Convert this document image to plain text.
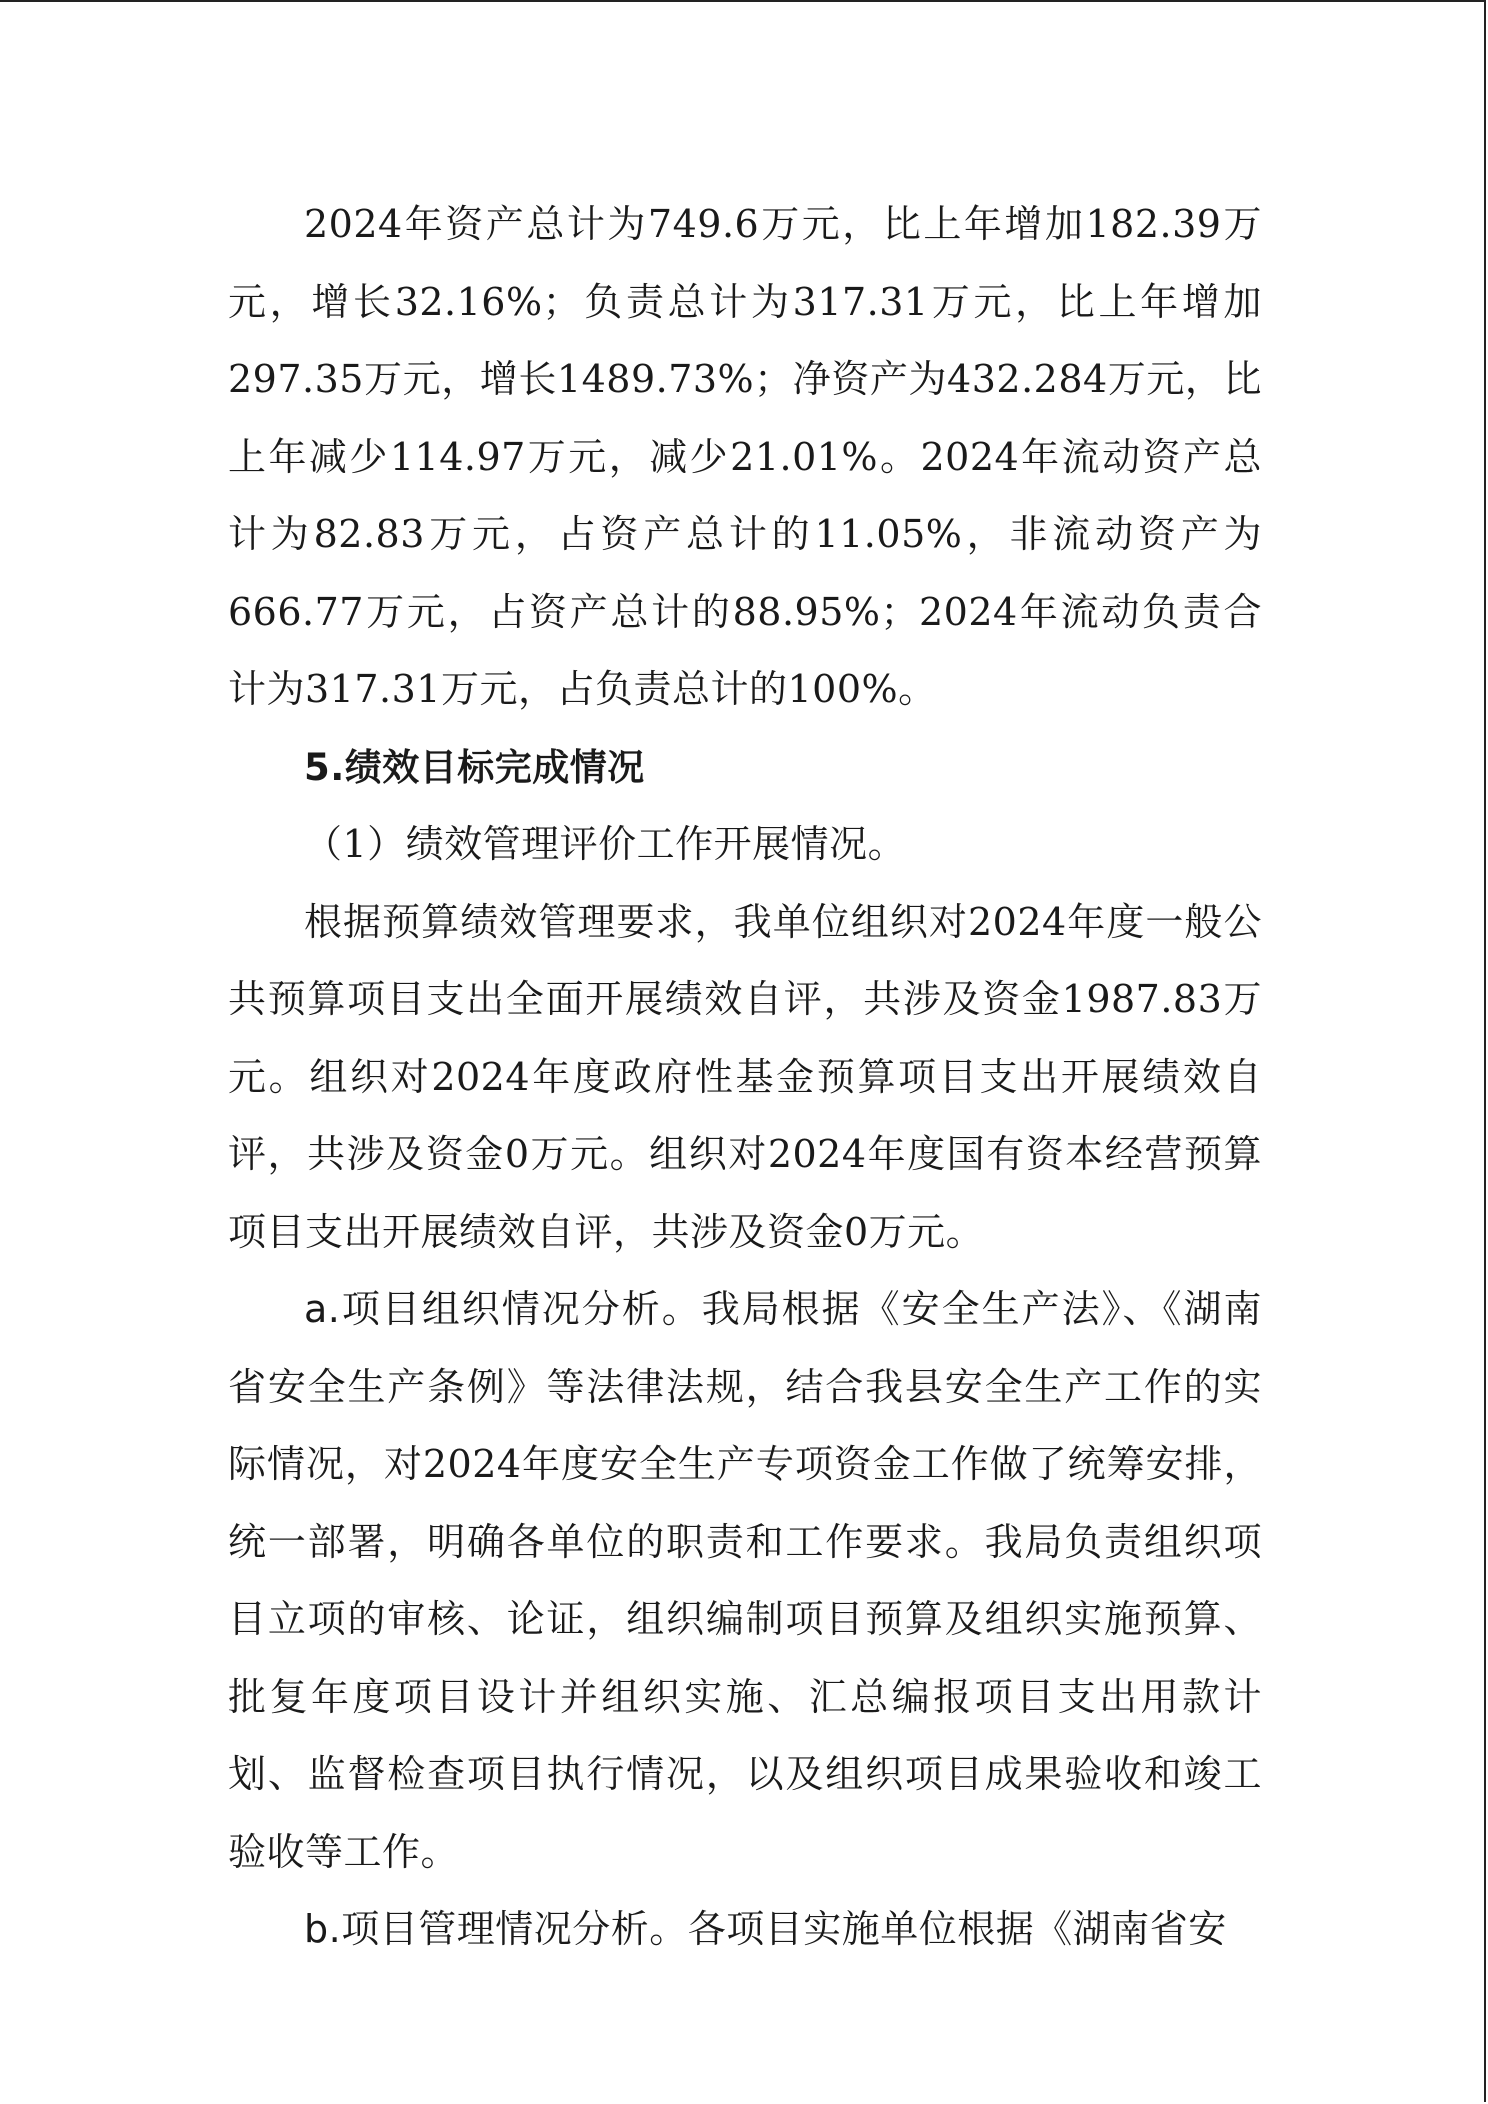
2024年资产总计为749.6万元，比上年增加182.39万元，增长32.16%；负责总计为317.31万元，比上年增加297.35万元，增长1489.73%；净资产为432.284万元，比上年减少114.97万元，减少21.01%。2024年流动资产总计为82.83万元，占资产总计的11.05%，非流动资产为666.77万元，占资产总计的88.95%；2024年流动负责合计为317.31万元，占负责总计的100%。

5.绩效目标完成情况

（1）绩效管理评价工作开展情况。

根据预算绩效管理要求，我单位组织对2024年度一般公共预算项目支出全面开展绩效自评，共涉及资金1987.83万元。组织对2024年度政府性基金预算项目支出开展绩效自评，共涉及资金0万元。组织对2024年度国有资本经营预算项目支出开展绩效自评，共涉及资金0万元。

a.项目组织情况分析。我局根据《安全生产法》、《湖南省安全生产条例》等法律法规，结合我县安全生产工作的实际情况，对2024年度安全生产专项资金工作做了统筹安排，统一部署，明确各单位的职责和工作要求。我局负责组织项目立项的审核、论证，组织编制项目预算及组织实施预算、批复年度项目设计并组织实施、汇总编报项目支出用款计划、监督检查项目执行情况，以及组织项目成果验收和竣工验收等工作。

b.项目管理情况分析。各项目实施单位根据《湖南省安
